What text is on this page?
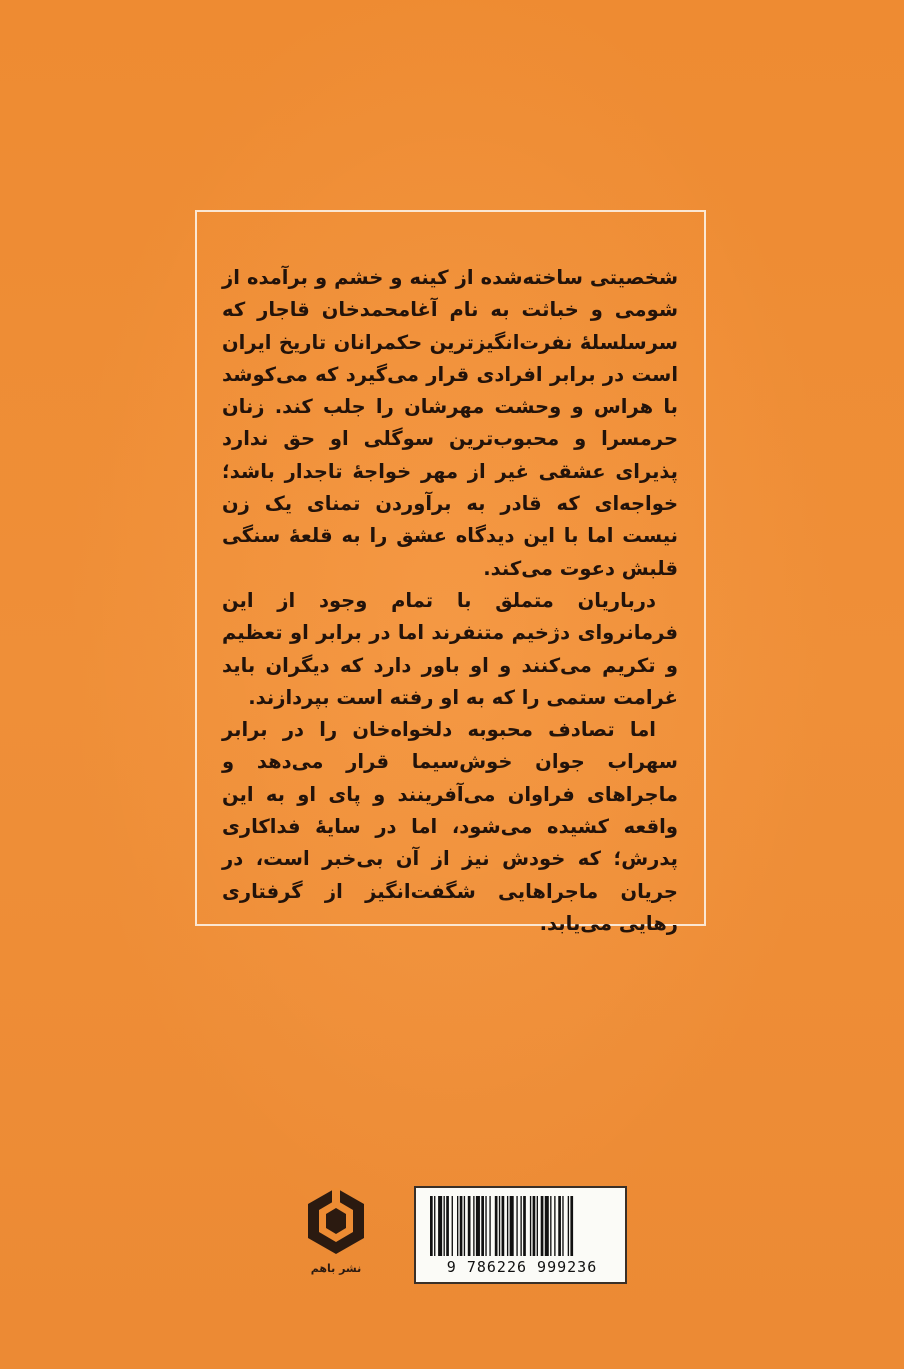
شخصیتی ساخته‌شده از کینه و خشم و برآمده از شومی و خباثت به نام آغامحمدخان قاجار که سرسلسلهٔ نفرت‌انگیزترین حکمرانان تاریخ ایران است در برابر افرادی قرار می‌گیرد که می‌کوشد با هراس و وحشت مهرشان را جلب کند. زنان حرمسرا و محبوب‌ترین سوگلی او حق ندارد پذیرای عشقی غیر از مهر خواجهٔ تاجدار باشد؛ خواجه‌ای که قادر به برآوردن تمنای یک زن نیست اما با این دیدگاه عشق را به قلعهٔ سنگی قلبش دعوت می‌کند.

درباریان متملق با تمام وجود از این فرمانروای دژخیم متنفرند اما در برابر او تعظیم و تکریم می‌کنند و او باور دارد که دیگران باید غرامت ستمی را که به او رفته است بپردازند.

اما تصادف محبوبه دلخواه‌خان را در برابر سهراب جوان خوش‌سیما قرار می‌دهد و ماجراهای فراوان می‌آفرینند و پای او به این واقعه کشیده می‌شود، اما در سایهٔ فداکاری پدرش؛ که خودش نیز از آن بی‌خبر است، در جریان ماجراهایی شگفت‌انگیز از گرفتاری رهایی می‌یابد.

نشر باهم	9 786226 999236
